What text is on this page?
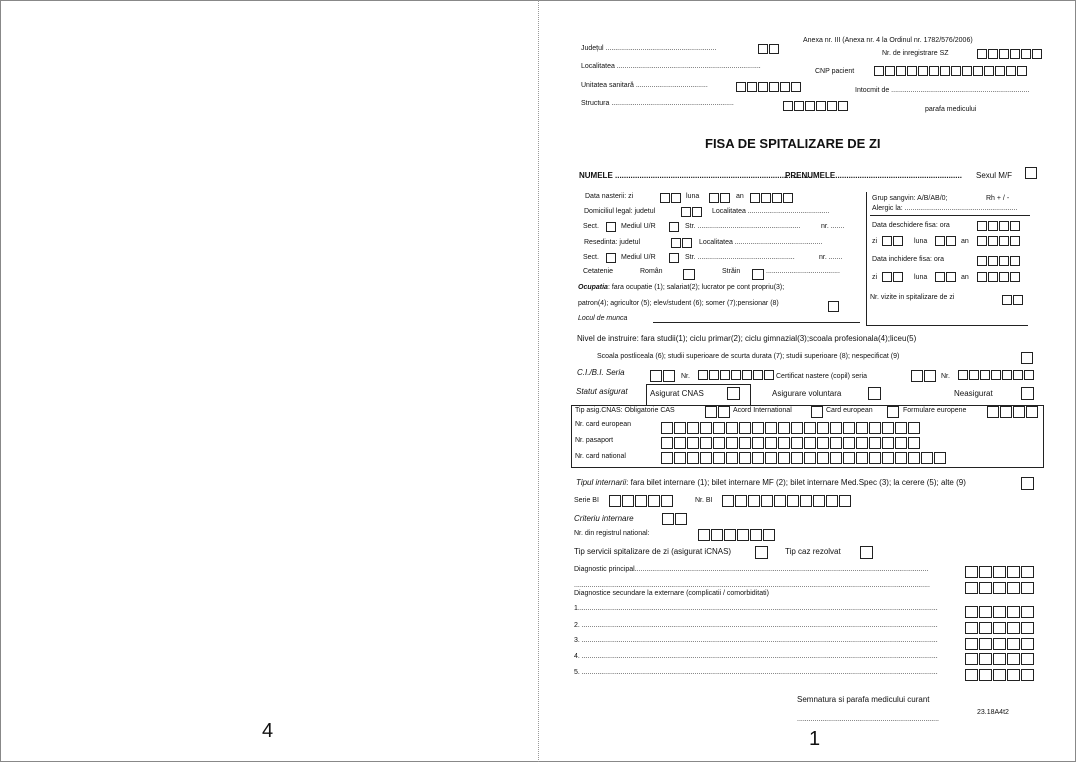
4	1
Anexa nr. III (Anexa nr. 4 la Ordinul nr. 1782/576/2006)
Județul .........................................................
Nr. de inregistrare SZ
Localitatea ..........................................................................
CNP pacient
Unitatea sanitară .....................................
Intocmit de .......................................................................
Structura ...............................................................
parafa medicului
FISA DE SPITALIZARE DE ZI
NUMELE ..........................................................................................
PRENUMELE......................................................... Sexul M/F
Data nasterii: zi	luna	an
Domiciliul legal: judetul	Localitatea ..........................................
Sect.	Mediul U/R	Str. .....................................................	nr. .......
Resedinta: judetul	Localitatea .............................................
Sect.	Mediul U/R	Str. ..................................................	nr. .......
Cetatenie	Român	Străin	......................................
Ocupatia: fara ocupatie (1); salariat(2); lucrator pe cont propriu(3);
patron(4); agricultor (5); elev/student (6); somer (7);pensionar (8)
Locul de munca
Grup sangvin: A/B/AB/0;	Rh + / -
Alergic la: ..........................................................
Data deschidere fisa: ora
zi	luna	an
Data inchidere fisa: ora
zi	luna	an
Nr. vizite in spitalizare de zi
Nivel de instruire: fara studii(1); ciclu primar(2); ciclu gimnazial(3);scoala profesionala(4);liceu(5)
Scoala postliceala (6); studii superioare de scurta durata (7); studii superioare (8); nespecificat (9)
C.I./B.I. Seria	Nr.	Certificat nastere (copil) seria	Nr.
Statut asigurat	Asigurat CNAS	Asigurare voluntara	Neasigurat
Tip asig.CNAS: Obligatorie CAS	Acord International	Card european	Formulare europene
Nr. card european
Nr. pasaport
Nr. card national
Tipul internarii: fara bilet internare (1); bilet internare MF (2); bilet internare Med.Spec (3); la cerere (5); alte (9)
Serie BI	Nr. BI
Criteriu internare
Nr. din registrul national:
Tip servicii spitalizare de zi (asigurat iCNAS)	Tip caz rezolvat
Diagnostic principal.......................................................................................................................................................
.......................................................................................................................................................................................
Diagnostice secundare la externare (complicatii / comorbiditati)
1.........................................................................................................................................................................................
2. .......................................................................................................................................................................................
3. .......................................................................................................................................................................................
4. .......................................................................................................................................................................................
5. .......................................................................................................................................................................................
Semnatura si parafa medicului curant
23.18A4t2
.........................................................................
